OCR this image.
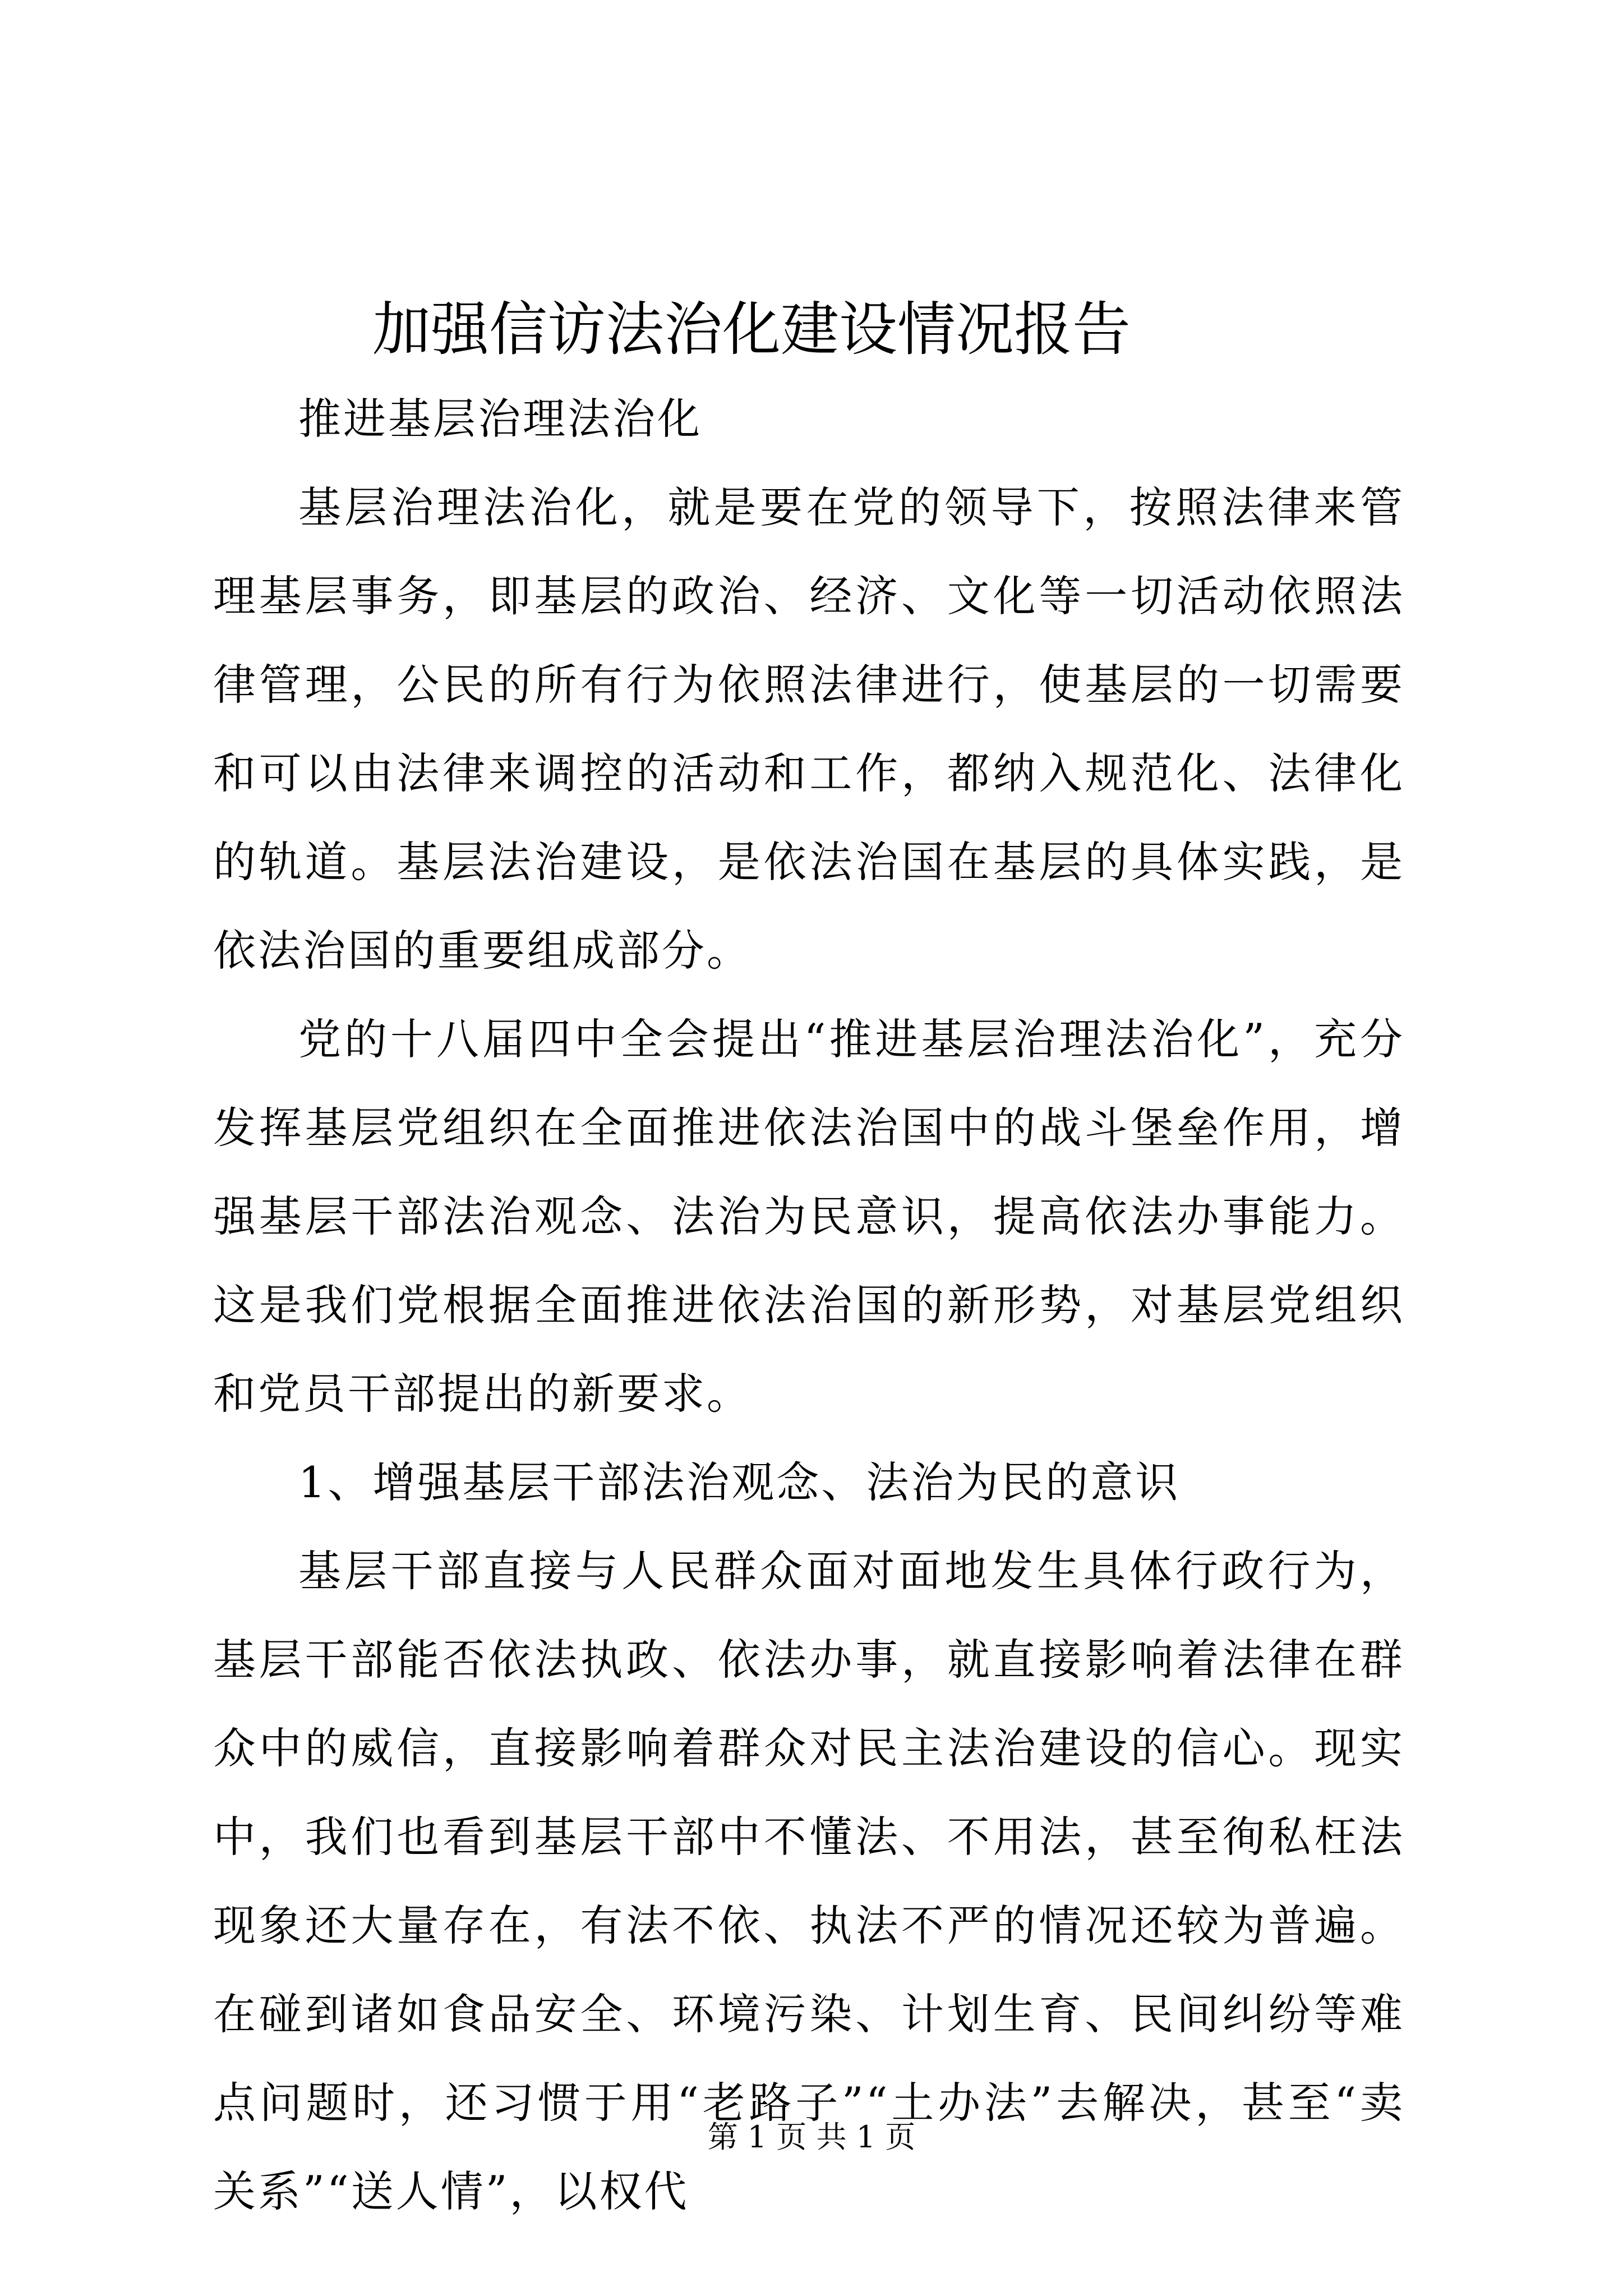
加强信访法治化建设情况报告

推进基层治理法治化

基层治理法治化，就是要在党的领导下，按照法律来管理基层事务，即基层的政治、经济、文化等一切活动依照法律管理，公民的所有行为依照法律进行，使基层的一切需要和可以由法律来调控的活动和工作，都纳入规范化、法律化的轨道。基层法治建设，是依法治国在基层的具体实践，是依法治国的重要组成部分。

党的十八届四中全会提出“推进基层治理法治化”，充分发挥基层党组织在全面推进依法治国中的战斗堡垒作用，增强基层干部法治观念、法治为民意识，提高依法办事能力。这是我们党根据全面推进依法治国的新形势，对基层党组织和党员干部提出的新要求。

1、增强基层干部法治观念、法治为民的意识

基层干部直接与人民群众面对面地发生具体行政行为，基层干部能否依法执政、依法办事，就直接影响着法律在群众中的威信，直接影响着群众对民主法治建设的信心。现实中，我们也看到基层干部中不懂法、不用法，甚至徇私枉法现象还大量存在，有法不依、执法不严的情况还较为普遍。在碰到诸如食品安全、环境污染、计划生育、民间纠纷等难点问题时，还习惯于用“老路子”“土办法”去解决，甚至“卖关系”“送人情”，以权代

第 1 页 共 1 页
